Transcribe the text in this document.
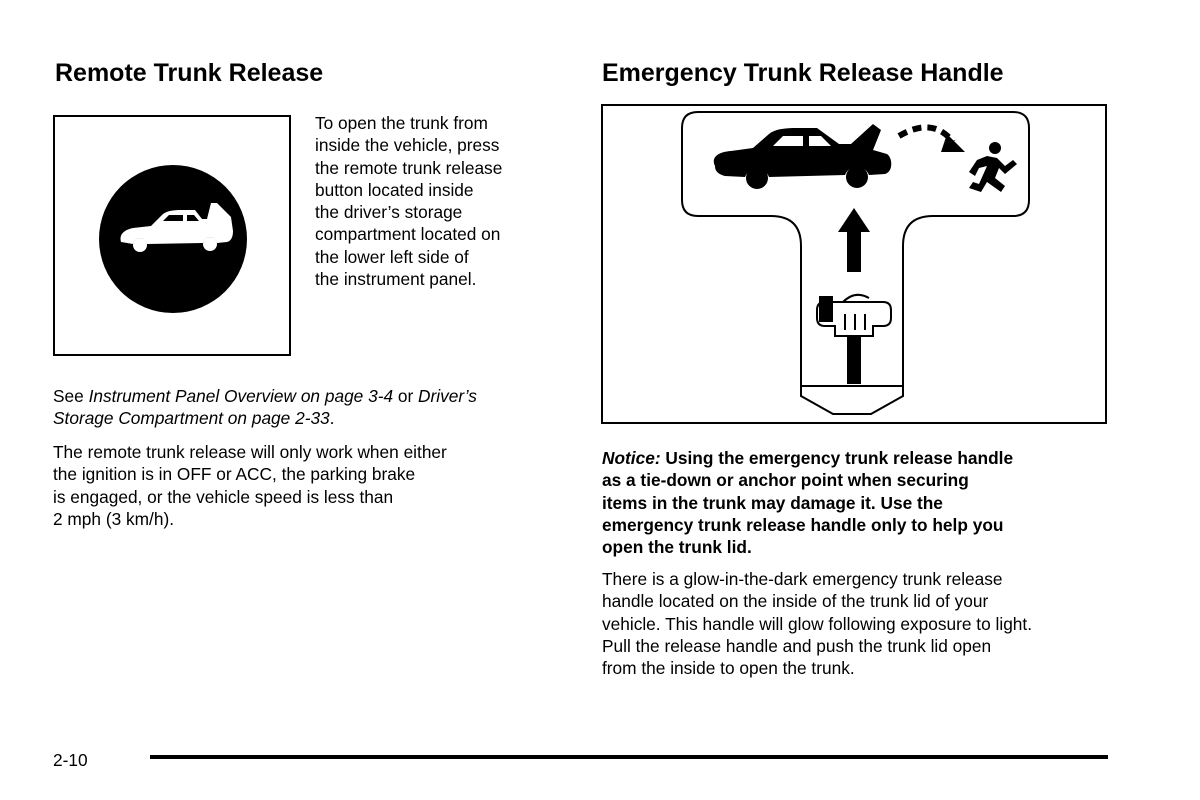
Remote Trunk Release
To open the trunk from
inside the vehicle, press
the remote trunk release
button located inside
the driver’s storage
compartment located on
the lower left side of
the instrument panel.
See Instrument Panel Overview on page 3-4 or Driver’s
Storage Compartment on page 2-33.
The remote trunk release will only work when either
the ignition is in OFF or ACC, the parking brake
is engaged, or the vehicle speed is less than
2 mph (3 km/h).
Emergency Trunk Release Handle
Notice: Using the emergency trunk release handle
as a tie-down or anchor point when securing
items in the trunk may damage it. Use the
emergency trunk release handle only to help you
open the trunk lid.
There is a glow-in-the-dark emergency trunk release
handle located on the inside of the trunk lid of your
vehicle. This handle will glow following exposure to light.
Pull the release handle and push the trunk lid open
from the inside to open the trunk.
2-10
